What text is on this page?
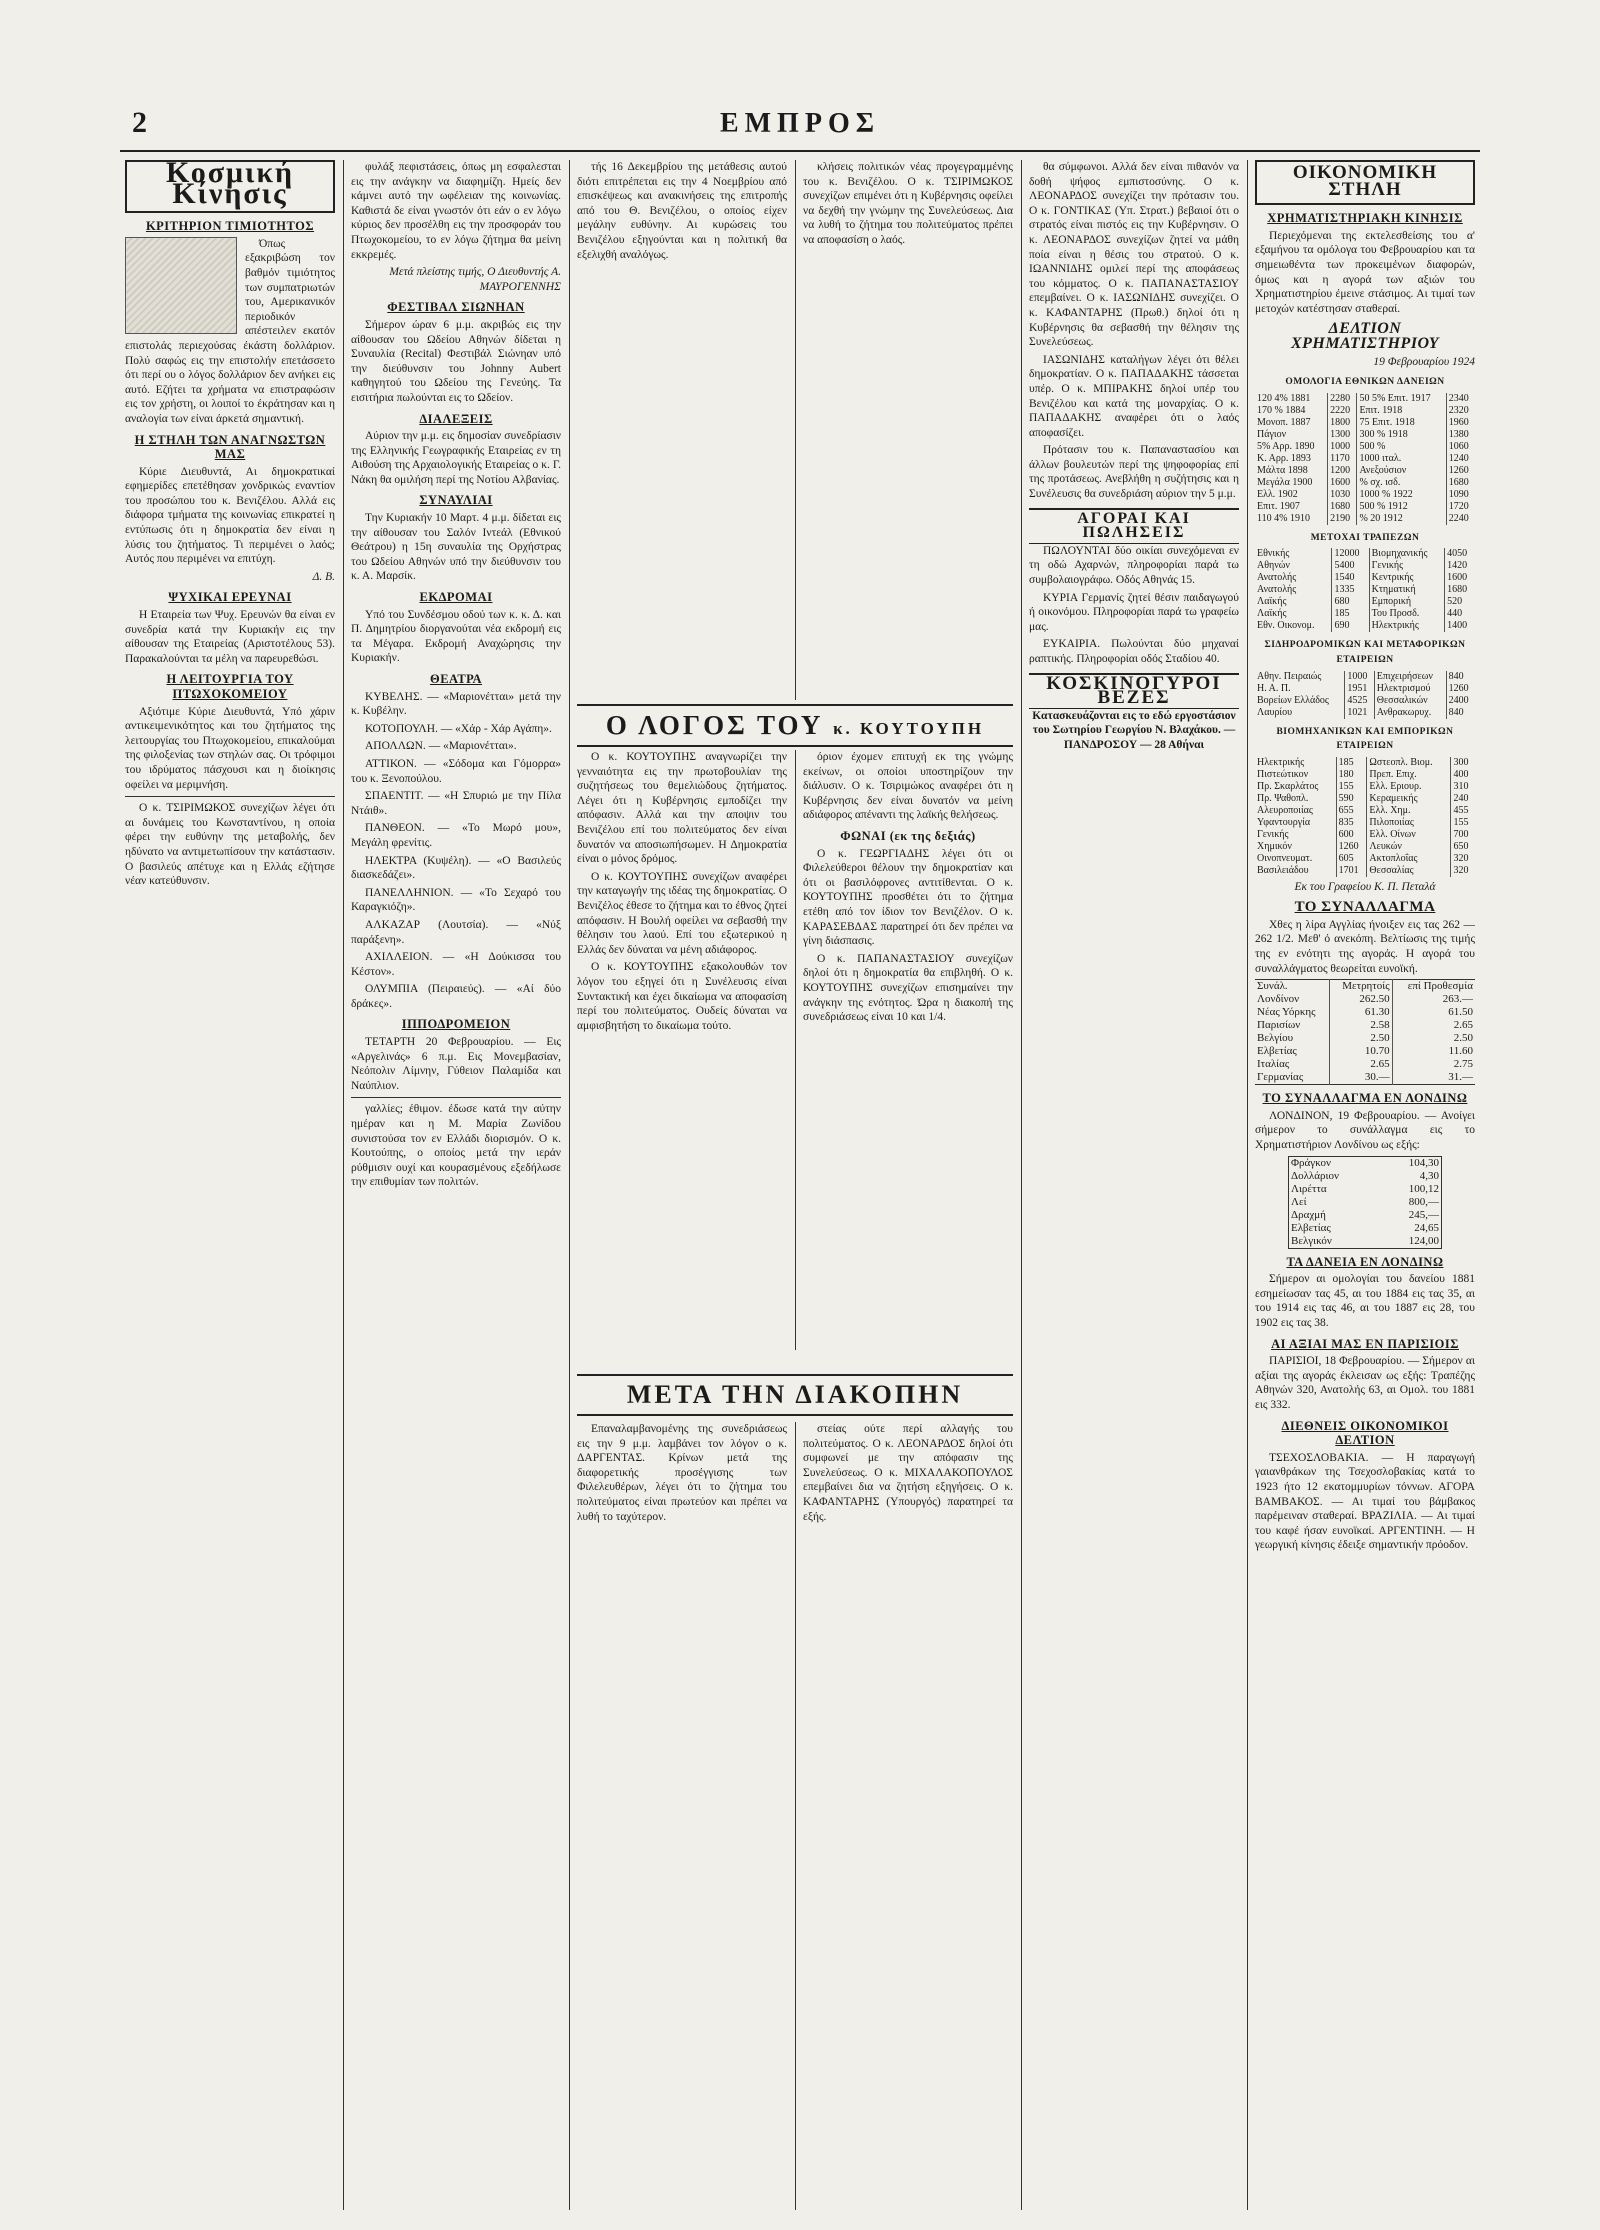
2	ΕΜΠΡΟΣ
Κοσμική Κίνησις
ΚΡΙΤΗΡΙΟΝ ΤΙΜΙΟΤΗΤΟΣ

Όπως εξακριβώση τον βαθμόν τιμιότητος των συμπατριωτών του, Αμερικανικόν περιοδικόν απέστειλεν εκατόν επιστολάς περιεχούσας έκάστη δολλάριον. Πολύ σαφώς εις την επιστολήν επετάσσετο ότι περί ου ο λόγος δολλάριον δεν ανήκει εις αυτό. Εζήτει τα χρήματα να επιστραφώσιν εις τον χρήστη, οι λοιποί το έκράτησαν και η αναλογία των είναι άρκετά σημαντική.

Η ΣΤΗΛΗ ΤΩΝ ΑΝΑΓΝΩΣΤΩΝ ΜΑΣ

Κύριε Διευθυντά, Αι δημοκρατικαί εφημερίδες επετέθησαν χονδρικώς εναντίον του προσώπου του κ. Βενιζέλου. Αλλά εις διάφορα τμήματα της κοινωνίας επικρατεί η εντύπωσις ότι η δημοκρατία δεν είναι η λύσις του ζητήματος. Τι περιμένει ο λαός; Αυτός που περιμένει να επιτύχη.

Δ. Β.
ΨΥΧΙΚΑΙ ΕΡΕΥΝΑΙ

Η Εταιρεία των Ψυχ. Ερευνών θα είναι εν συνεδρία κατά την Κυριακήν εις την αίθουσαν της Εταιρείας (Αριστοτέλους 53). Παρακαλούνται τα μέλη να παρευρεθώσι.

Η ΛΕΙΤΟΥΡΓΙΑ ΤΟΥ ΠΤΩΧΟΚΟΜΕΙΟΥ

Αξιότιμε Κύριε Διευθυντά, Υπό χάριν αντικειμενικότητος και του ζητήματος της λειτουργίας του Πτωχοκομείου, επικαλούμαι της φιλοξενίας των στηλών σας. Οι τρόφιμοι του ιδρύματος πάσχουσι και η διοίκησις οφείλει να μεριμνήση.

Ο κ. ΤΣΙΡΙΜΩΚΟΣ συνεχίζων λέγει ότι αι δυνάμεις του Κωνσταντίνου, η οποία φέρει την ευθύνην της μεταβολής, δεν ηδύνατο να αντιμετωπίσουν την κατάστασιν. Ο βασιλεύς απέτυχε και η Ελλάς εζήτησε νέαν κατεύθυνσιν.

φυλάξ πεφιστάσεις, όπως μη εσφαλεσται εις την ανάγκην να διαφημίζη. Ημείς δεν κάμνει αυτό την ωφέλειαν της κοινωνίας. Καθιστά δε είναι γνωστόν ότι εάν ο εν λόγω κύριος δεν προσέλθη εις την προσφοράν του Πτωχοκομείου, το εν λόγω ζήτημα θα μείνη εκκρεμές.

Μετά πλείστης τιμής, Ο Διευθυντής Α. ΜΑΥΡΟΓΕΝΝΗΣ
ΦΕΣΤΙΒΑΛ ΣΙΩΝΗΑΝ

Σήμερον ώραν 6 μ.μ. ακριβώς εις την αίθουσαν του Ωδείου Αθηνών δίδεται η Συναυλία (Recital) Φεστιβάλ Σιώνηαν υπό την διεύθυνσιν του Johnny Aubert καθηγητού του Ωδείου της Γενεύης. Τα εισιτήρια πωλούνται εις το Ωδείον.

ΔΙΑΛΕΞΕΙΣ

Αύριον την μ.μ. εις δημοσίαν συνεδρίασιν της Ελληνικής Γεωγραφικής Εταιρείας εν τη Αιθούση της Αρχαιολογικής Εταιρείας ο κ. Γ. Νάκη θα ομιλήση περί της Νοτίου Αλβανίας.

ΣΥΝΑΥΛΙΑΙ

Την Κυριακήν 10 Μαρτ. 4 μ.μ. δίδεται εις την αίθουσαν του Σαλόν Ιντεάλ (Εθνικού Θεάτρου) η 15η συναυλία της Ορχήστρας του Ωδείου Αθηνών υπό την διεύθυνσιν του κ. Α. Μαρσίκ.

ΕΚΔΡΟΜΑΙ

Υπό του Συνδέσμου οδού των κ. κ. Δ. και Π. Δημητρίου διοργανούται νέα εκδρομή εις τα Μέγαρα. Εκδρομή Αναχώρησις την Κυριακήν.

ΘΕΑΤΡΑ

ΚΥΒΕΛΗΣ. — «Μαριονέτται» μετά την κ. Κυβέλην.

ΚΟΤΟΠΟΥΛΗ. — «Χάρ - Χάρ Αγάπη».

ΑΠΟΛΛΩΝ. — «Μαριονέτται».

ΑΤΤΙΚΟΝ. — «Σόδομα και Γόμορρα» του κ. Ξενοπούλου.

ΣΠΑΕΝΤΙΤ. — «Η Σπυριώ με την Πίλα Ντάιθ».

ΠΑΝΘΕΟΝ. — «Το Μωρό μου», Μεγάλη φρενίτις.

ΗΛΕΚΤΡΑ (Κυψέλη). — «Ο Βασιλεύς διασκεδάζει».

ΠΑΝΕΛΛΗΝΙΟΝ. — «Το Σεχαρό του Καραγκιόζη».

ΑΛΚΑΖΑΡ (Λουτσία). — «Νύξ παράξενη».

ΑΧΙΛΛΕΙΟΝ. — «Η Δούκισσα του Κέστον».

ΟΛΥΜΠΙΑ (Πειραιεύς). — «Αί δύο δράκες».

ΙΠΠΟΔΡΟΜΕΙΟΝ

ΤΕΤΑΡΤΗ 20 Φεβρουαρίου. — Εις «Αργελινάς» 6 π.μ. Εις Μονεμβασίαν, Νεόπολιν Λίμνην, Γύθειον Παλαμίδα και Ναύπλιον.

γαλλίες; έθιμον. έδωσε κατά την αύτην ημέραν και η Μ. Μαρία Ζωνίδου συνιστούσα τον εν Ελλάδι διορισμόν. Ο κ. Κουτούπης, ο οποίος μετά την ιεράν ρύθμισιν ουχί και κουρασμένους εξεδήλωσε την επιθυμίαν των πολιτών.

τής 16 Δεκεμβρίου της μετάθεσις αυτού διότι επιτρέπεται εις την 4 Νοεμβρίου από επισκέψεως και ανακινήσεις της επιτροπής από του Θ. Βενιζέλου, ο οποίος είχεν μεγάλην ευθύνην. Αι κυρώσεις του Βενιζέλου εξηγούνται και η πολιτική θα εξελιχθή αναλόγως.

κλήσεις πολιτικών νέας προγεγραμμένης του κ. Βενιζέλου. Ο κ. ΤΣΙΡΙΜΩΚΟΣ συνεχίζων επιμένει ότι η Κυβέρνησις οφείλει να δεχθή την γνώμην της Συνελεύσεως. Δια να λυθή το ζήτημα του πολιτεύματος πρέπει να αποφασίση ο λαός.

Ο ΛΟΓΟΣ ΤΟΥ κ. ΚΟΥΤΟΥΠΗ

Ο κ. ΚΟΥΤΟΥΠΗΣ αναγνωρίζει την γενναιότητα εις την πρωτοβουλίαν της συζητήσεως του θεμελιώδους ζητήματος. Λέγει ότι η Κυβέρνησις εμποδίζει την απόφασιν. Αλλά και την αποψιν του Βενιζέλου επί του πολιτεύματος δεν είναι δυνατόν να αποσιωπήσωμεν. Η Δημοκρατία είναι ο μόνος δρόμος.

Ο κ. ΚΟΥΤΟΥΠΗΣ συνεχίζων αναφέρει την καταγωγήν της ιδέας της δημοκρατίας. Ο Βενιζέλος έθεσε το ζήτημα και το έθνος ζητεί απόφασιν. Η Βουλή οφείλει να σεβασθή την θέλησιν του λαού. Επί του εξωτερικού η Ελλάς δεν δύναται να μένη αδιάφορος.

Ο κ. ΚΟΥΤΟΥΠΗΣ εξακολουθών τον λόγον του εξηγεί ότι η Συνέλευσις είναι Συντακτική και έχει δικαίωμα να αποφασίση περί του πολιτεύματος. Ουδείς δύναται να αμφισβητήση το δικαίωμα τούτο.

όριον έχομεν επιτυχή εκ της γνώμης εκείνων, οι οποίοι υποστηρίζουν την διάλυσιν. Ο κ. Τσιριμώκος αναφέρει ότι η Κυβέρνησις δεν είναι δυνατόν να μείνη αδιάφορος απέναντι της λαϊκής θελήσεως.

ΦΩΝΑΙ (εκ της δεξιάς)

Ο κ. ΓΕΩΡΓΙΑΔΗΣ λέγει ότι οι Φιλελεύθεροι θέλουν την δημοκρατίαν και ότι οι βασιλόφρονες αντιτίθενται. Ο κ. ΚΟΥΤΟΥΠΗΣ προσθέτει ότι το ζήτημα ετέθη από τον ίδιον τον Βενιζέλον. Ο κ. ΚΑΡΑΣΕΒΔΑΣ παρατηρεί ότι δεν πρέπει να γίνη διάσπασις.

Ο κ. ΠΑΠΑΝΑΣΤΑΣΙΟΥ συνεχίζων δηλοί ότι η δημοκρατία θα επιβληθή. Ο κ. ΚΟΥΤΟΥΠΗΣ συνεχίζων επισημαίνει την ανάγκην της ενότητος. Ώρα η διακοπή της συνεδριάσεως είναι 10 και 1/4.

ΜΕΤΑ ΤΗΝ ΔΙΑΚΟΠΗΝ

Επαναλαμβανομένης της συνεδριάσεως εις την 9 μ.μ. λαμβάνει τον λόγον ο κ. ΔΑΡΓΕΝΤΑΣ. Κρίνων μετά της διαφορετικής προσέγγισης των Φιλελευθέρων, λέγει ότι το ζήτημα του πολιτεύματος είναι πρωτεύον και πρέπει να λυθή το ταχύτερον.

στείας ούτε περί αλλαγής του πολιτεύματος. Ο κ. ΛΕΟΝΑΡΔΟΣ δηλοί ότι συμφωνεί με την απόφασιν της Συνελεύσεως. Ο κ. ΜΙΧΑΛΑΚΟΠΟΥΛΟΣ επεμβαίνει δια να ζητήση εξηγήσεις. Ο κ. ΚΑΦΑΝΤΑΡΗΣ (Υπουργός) παρατηρεί τα εξής.

θα σύμφωνοι. Αλλά δεν είναι πιθανόν να δοθή ψήφος εμπιστοσύνης. Ο κ. ΛΕΟΝΑΡΔΟΣ συνεχίζει την πρότασιν του. Ο κ. ΓΟΝΤΙΚΑΣ (Υπ. Στρατ.) βεβαιοί ότι ο στρατός είναι πιστός εις την Κυβέρνησιν. Ο κ. ΛΕΟΝΑΡΔΟΣ συνεχίζων ζητεί να μάθη ποία είναι η θέσις του στρατού. Ο κ. ΙΩΑΝΝΙΔΗΣ ομιλεί περί της αποφάσεως του κόμματος. Ο κ. ΠΑΠΑΝΑΣΤΑΣΙΟΥ επεμβαίνει. Ο κ. ΙΑΣΩΝΙΔΗΣ συνεχίζει. Ο κ. ΚΑΦΑΝΤΑΡΗΣ (Πρωθ.) δηλοί ότι η Κυβέρνησις θα σεβασθή την θέλησιν της Συνελεύσεως.

ΙΑΣΩΝΙΔΗΣ καταλήγων λέγει ότι θέλει δημοκρατίαν. Ο κ. ΠΑΠΑΔΑΚΗΣ τάσσεται υπέρ. Ο κ. ΜΠΙΡΑΚΗΣ δηλοί υπέρ του Βενιζέλου και κατά της μοναρχίας. Ο κ. ΠΑΠΑΔΑΚΗΣ αναφέρει ότι ο λαός αποφασίζει.

Πρότασιν του κ. Παπαναστασίου και άλλων βουλευτών περί της ψηφοφορίας επί της προτάσεως. Ανεβλήθη η συζήτησις και η Συνέλευσις θα συνεδριάση αύριον την 5 μ.μ.

ΑΓΟΡΑΙ ΚΑΙ ΠΩΛΗΣΕΙΣ

ΠΩΛΟΥΝΤΑΙ δύο οικίαι συνεχόμεναι εν τη οδώ Αχαρνών, πληροφορίαι παρά τω συμβολαιογράφω. Οδός Αθηνάς 15.

ΚΥΡΙΑ Γερμανίς ζητεί θέσιν παιδαγωγού ή οικονόμου. Πληροφορίαι παρά τω γραφείω μας.

ΕΥΚΑΙΡΙΑ. Πωλούνται δύο μηχαναί ραπτικής. Πληροφορίαι οδός Σταδίου 40.

ΚΟΣΚΙΝΟΓΥΡΟΙ ΒΕΖΕΣ

Κατασκευάζονται εις το εδώ εργοστάσιον του Σωτηρίου Γεωργίου Ν. Βλαχάκου. — ΠΑΝΔΡΟΣΟΥ — 28 Αθήναι

ΟΙΚΟΝΟΜΙΚΗ ΣΤΗΛΗ
ΧΡΗΜΑΤΙΣΤΗΡΙΑΚΗ ΚΙΝΗΣΙΣ

Περιεχόμεναι της εκτελεσθείσης του α' εξαμήνου τα ομόλογα του Φεβρουαρίου και τα σημειωθέντα των προκειμένων διαφορών, όμως και η αγορά των αξιών του Χρηματιστηρίου έμεινε στάσιμος. Αι τιμαί των μετοχών κατέστησαν σταθεραί.

ΔΕΛΤΙΟΝ ΧΡΗΜΑΤΙΣΤΗΡΙΟΥ
19 Φεβρουαρίου 1924
ΟΜΟΛΟΓΙΑ ΕΘΝΙΚΩΝ ΔΑΝΕΙΩΝ
120 4% 1881	2280	50 5% Επιτ. 1917	2340
170 % 1884	2220	Επιτ. 1918	2320
Μονοπ. 1887	1800	75 Επιτ. 1918	1960
Πάγιον	1300	300 % 1918	1380
5% Αρρ. 1890	1000	500 %	1060
Κ. Αρρ. 1893	1170	1000 ιταλ.	1240
Μάλτα 1898	1200	Ανεξούσιον	1260
Μεγάλα 1900	1600	% σχ. ισδ.	1680
Ελλ. 1902	1030	1000 % 1922	1090
Επιτ. 1907	1680	500 % 1912	1720
110 4% 1910	2190	% 20 1912	2240
ΜΕΤΟΧΑΙ ΤΡΑΠΕΖΩΝ
Εθνικής	12000	Βιομηχανικής	4050
Αθηνών	5400	Γενικής	1420
Ανατολής	1540	Κεντρικής	1600
Ανατολής	1335	Κτηματική	1680
Λαϊκής	680	Εμπορική	520
Λαϊκής	185	Του Προσδ.	440
Εθν. Οικονομ.	690	Ηλεκτρικής	1400
ΣΙΔΗΡΟΔΡΟΜΙΚΩΝ ΚΑΙ ΜΕΤΑΦΟΡΙΚΩΝ ΕΤΑΙΡΕΙΩΝ
Αθην. Πειραιώς	1000	Επιχειρήσεων	840
Η. Α. Π.	1951	Ηλεκτρισμού	1260
Βορείων Ελλάδος	4525	Θεσσαλικών	2400
Λαυρίου	1021	Ανθρακωρυχ.	840
ΒΙΟΜΗΧΑΝΙΚΩΝ ΚΑΙ ΕΜΠΟΡΙΚΩΝ ΕΤΑΙΡΕΙΩΝ
Ηλεκτρικής	185	Ωστεοπλ. Βιομ.	300
Πιστεώτικον	180	Πρεπ. Επιχ.	400
Πρ. Σκαρλάτος	155	Ελλ. Εριουρ.	310
Πρ. Ψαθοπλ.	590	Κεραμεικής	240
Αλευροποιίας	655	Ελλ. Χημ.	455
Υφαντουργία	835	Πιλοποιίας	155
Γενικής	600	Ελλ. Οίνων	700
Χημικόν	1260	Λευκών	650
Οινοπνευματ.	605	Ακτοπλοΐας	320
Βασιλειάδου	1701	Θεσσαλίας	320
Εκ του Γραφείου Κ. Π. Πεταλά
ΤΟ ΣΥΝΑΛΛΑΓΜΑ

Χθες η λίρα Αγγλίας ήνοιξεν εις τας 262 — 262 1/2. Μεθ' ό ανεκόπη. Βελτίωσις της τιμής της εν ενότητι της αγοράς. Η αγορά του συναλλάγματος θεωρείται ευνοϊκή.

Συνάλ.	Μετρητοίς	επί Προθεσμία
Λονδίνον	262.50	263.—
Νέας Υόρκης	61.30	61.50
Παρισίων	2.58	2.65
Βελγίου	2.50	2.50
Ελβετίας	10.70	11.60
Ιταλίας	2.65	2.75
Γερμανίας	30.—	31.—
ΤΟ ΣΥΝΑΛΛΑΓΜΑ ΕΝ ΛΟΝΔΙΝΩ

ΛΟΝΔΙΝΟΝ, 19 Φεβρουαρίου. — Ανοίγει σήμερον το συνάλλαγμα εις το Χρηματιστήριον Λονδίνου ως εξής:

Φράγκον	104,30
Δολλάριον	4,30
Λιρέττα	100,12
Λεί	800,—
Δραχμή	245,—
Ελβετίας	24,65
Βελγικόν	124,00
ΤΑ ΔΑΝΕΙΑ ΕΝ ΛΟΝΔΙΝΩ

Σήμερον αι ομολογίαι του δανείου 1881 εσημείωσαν τας 45, αι του 1884 εις τας 35, αι του 1914 εις τας 46, αι του 1887 εις 28, του 1902 εις τας 38.

ΑΙ ΑΞΙΑΙ ΜΑΣ ΕΝ ΠΑΡΙΣΙΟΙΣ

ΠΑΡΙΣΙΟΙ, 18 Φεβρουαρίου. — Σήμερον αι αξίαι της αγοράς έκλεισαν ως εξής: Τραπέζης Αθηνών 320, Ανατολής 63, αι Ομολ. του 1881 εις 332.

ΔΙΕΘΝΕΙΣ ΟΙΚΟΝΟΜΙΚΟΙ ΔΕΛΤΙΟΝ

ΤΣΕΧΟΣΛΟΒΑΚΙΑ. — Η παραγωγή γαιανθράκων της Τσεχοσλοβακίας κατά το 1923 ήτο 12 εκατομμυρίων τόννων. ΑΓΟΡΑ ΒΑΜΒΑΚΟΣ. — Αι τιμαί του βάμβακος παρέμειναν σταθεραί. ΒΡΑΖΙΛΙΑ. — Αι τιμαί του καφέ ήσαν ευνοϊκαί. ΑΡΓΕΝΤΙΝΗ. — Η γεωργική κίνησις έδειξε σημαντικήν πρόοδον.
